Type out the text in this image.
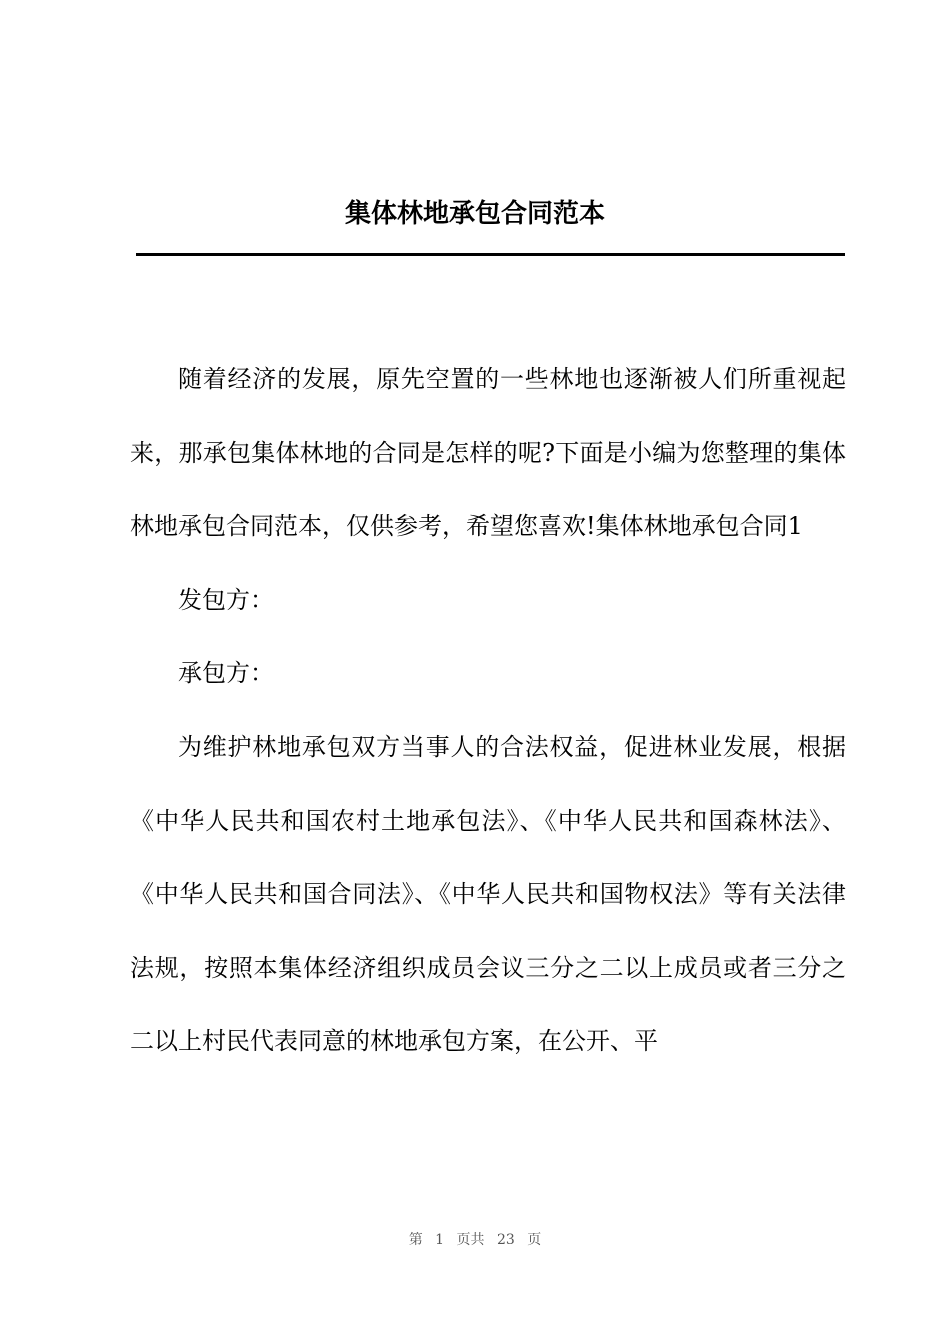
集体林地承包合同范本

随着经济的发展，原先空置的一些林地也逐渐被人们所重视起来，那承包集体林地的合同是怎样的呢?下面是小编为您整理的集体林地承包合同范本，仅供参考，希望您喜欢!集体林地承包合同1

发包方：

承包方：

为维护林地承包双方当事人的合法权益，促进林业发展，根据《中华人民共和国农村土地承包法》、《中华人民共和国森林法》、《中华人民共和国合同法》、《中华人民共和国物权法》等有关法律法规，按照本集体经济组织成员会议三分之二以上成员或者三分之二以上村民代表同意的林地承包方案，在公开、平

第 1 页共 23 页
